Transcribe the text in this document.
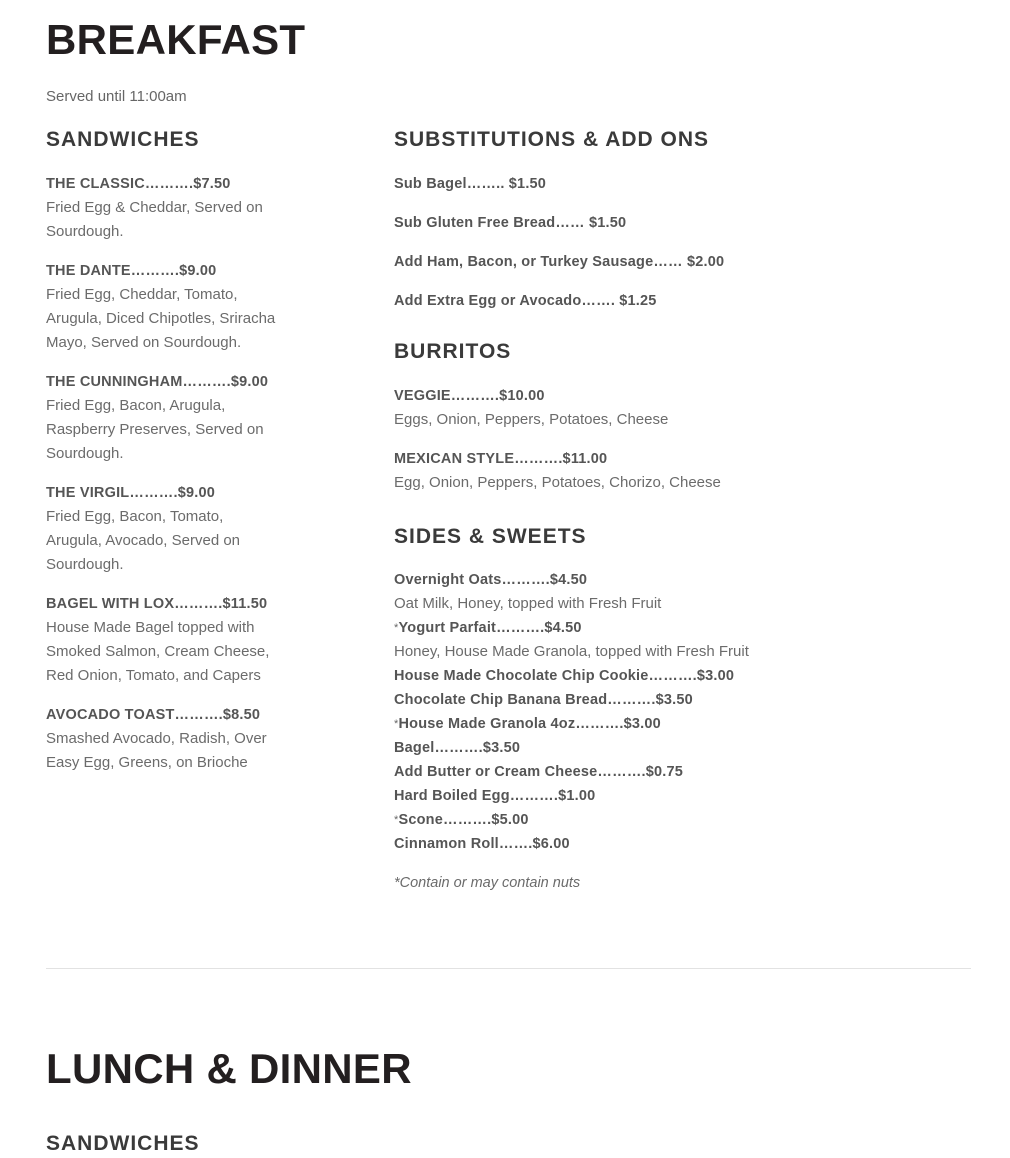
BREAKFAST
Served until 11:00am
SANDWICHES
THE CLASSIC……….$7.50
Fried Egg & Cheddar, Served on Sourdough.
THE DANTE……….$9.00
Fried Egg, Cheddar, Tomato, Arugula, Diced Chipotles, Sriracha Mayo, Served on Sourdough.
THE CUNNINGHAM……….$9.00
Fried Egg, Bacon, Arugula, Raspberry Preserves, Served on Sourdough.
THE VIRGIL……….$9.00
Fried Egg, Bacon, Tomato, Arugula, Avocado, Served on Sourdough.
BAGEL WITH LOX……….$11.50
House Made Bagel topped with Smoked Salmon, Cream Cheese, Red Onion, Tomato, and Capers
AVOCADO TOAST……….$8.50
Smashed Avocado, Radish, Over Easy Egg, Greens, on Brioche
SUBSTITUTIONS & ADD ONS
Sub Bagel…….. $1.50
Sub Gluten Free Bread…… $1.50
Add Ham, Bacon, or Turkey Sausage…… $2.00
Add Extra Egg or Avocado……. $1.25
BURRITOS
VEGGIE……….$10.00
Eggs, Onion, Peppers, Potatoes, Cheese
MEXICAN STYLE……….$11.00
Egg, Onion, Peppers, Potatoes, Chorizo, Cheese
SIDES & SWEETS
Overnight Oats……….$4.50
Oat Milk, Honey, topped with Fresh Fruit
*Yogurt Parfait……….$4.50
Honey, House Made Granola, topped with Fresh Fruit
House Made Chocolate Chip Cookie……….$3.00
Chocolate Chip Banana Bread……….$3.50
*House Made Granola 4oz……….$3.00
Bagel……….$3.50
Add Butter or Cream Cheese……….$0.75
Hard Boiled Egg……….$1.00
*Scone……….$5.00
Cinnamon Roll…….$6.00
*Contain or may contain nuts
LUNCH & DINNER
SANDWICHES
